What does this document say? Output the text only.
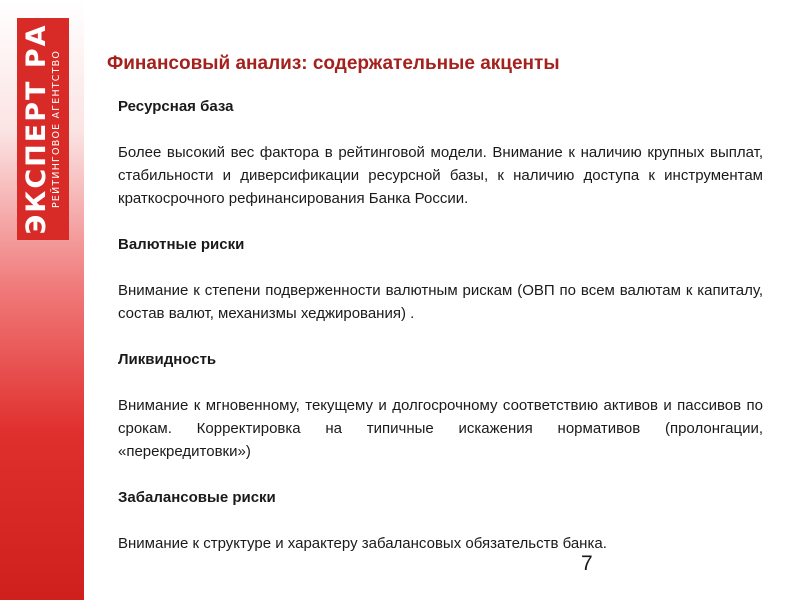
ЭКСПЕРТ РА РЕЙТИНГОВОЕ АГЕНТСТВО Финансовый анализ: содержательные акценты

Ресурсная база

Более высокий вес фактора в рейтинговой модели. Внимание к наличию крупных выплат, стабильности и диверсификации ресурсной базы, к наличию доступа к инструментам краткосрочного рефинансирования Банка России.

Валютные риски

Внимание к степени подверженности валютным рискам (ОВП по всем валютам к капиталу, состав валют, механизмы хеджирования) .

Ликвидность

Внимание к мгновенному, текущему и долгосрочному соответствию активов и пассивов по срокам. Корректировка на типичные искажения нормативов (пролонгации, «перекредитовки»)

Забалансовые риски

Внимание к структуре и характеру забалансовых обязательств банка.

7
